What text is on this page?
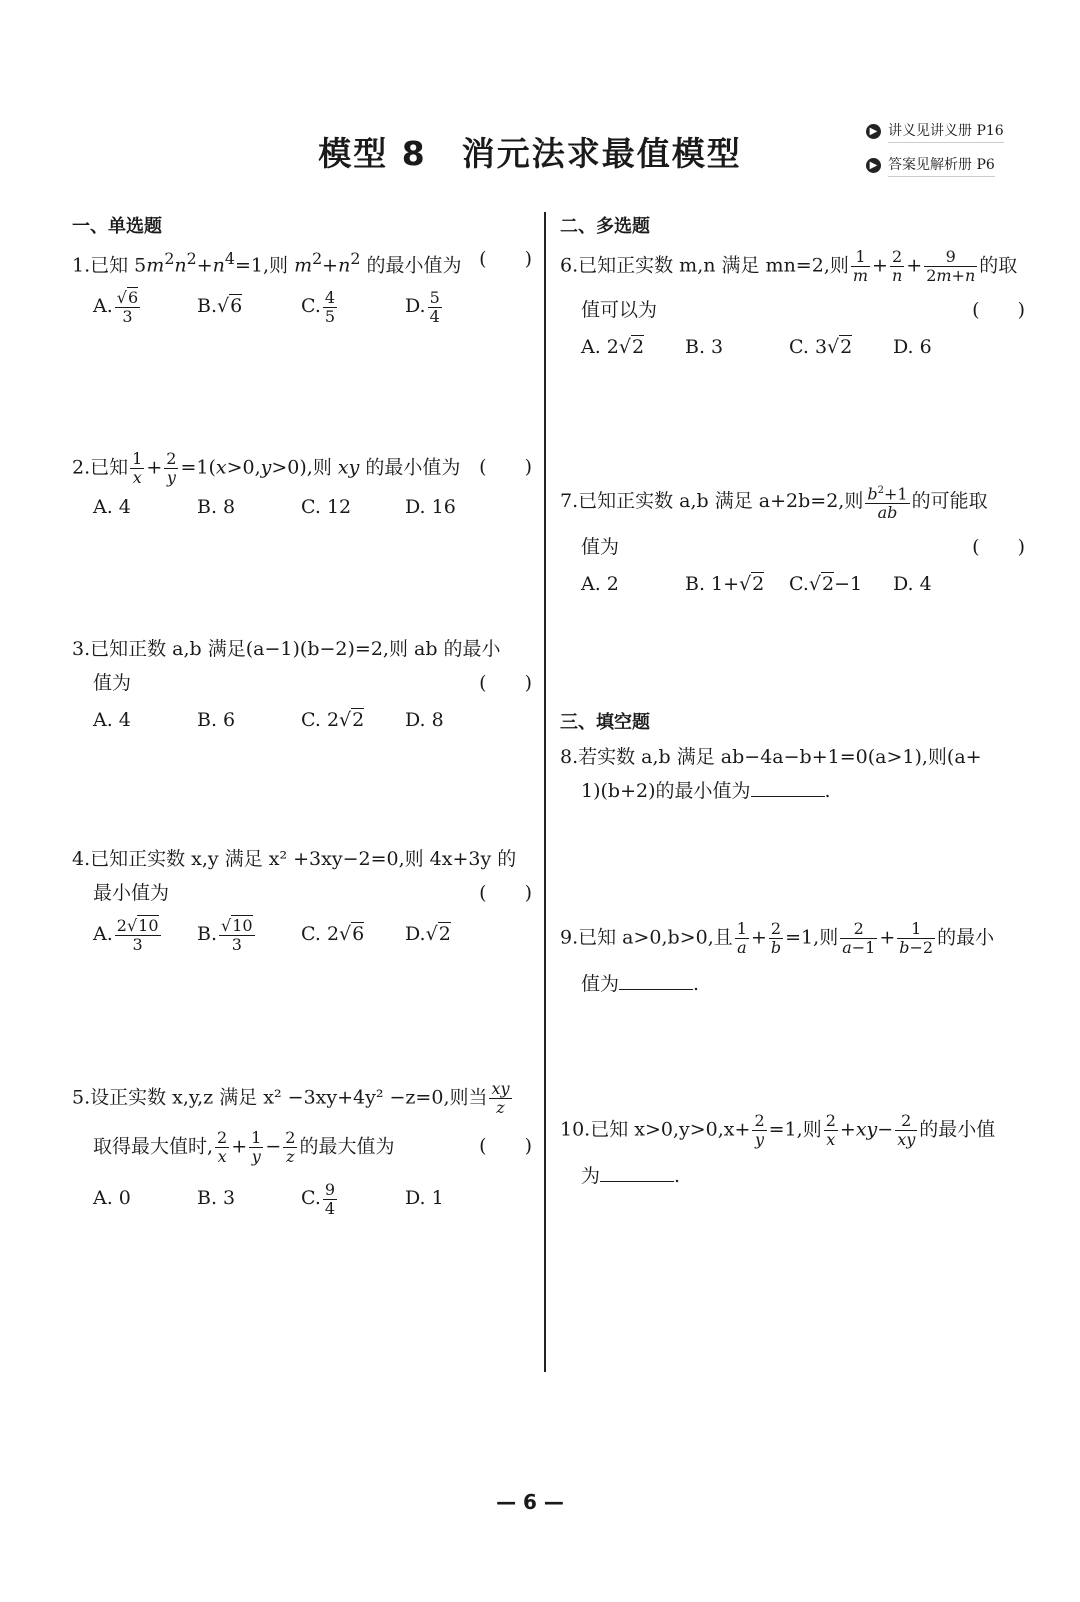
模型 8　消元法求最值模型
▶ 讲义见讲义册 P16
▶ 答案见解析册 P6
一、单选题
1.已知 $5m^2n^2+n^4=1$,则 $m^2+n^2$ 的最小值为 (　　)
A. $\frac{√6}{3}$	B.√6	C. $\frac{4}{5}$	D. $\frac{5}{4}$
2.已知 $\frac{1}{x} + \frac{2}{y} =1(x>0,y>0)$,则 xy 的最小值为 (　　)
A. 4	B. 8	C. 12	D. 16
3.已知正数 a,b 满足(a−1)(b−2)=2,则 ab 的最小
值为	(　　)
A. 4	B. 6	C. 2√2	D. 8
4.已知正实数 x,y 满足 x² +3xy−2=0,则 4x+3y 的
最小值为	(　　)
A. $\frac{2√10}{3} B$. $\frac{√10}{3} C$. 2√6	D.√2
5.设正实数 x,y,z 满足 x² −3xy+4y² −z=0,则当 $\frac{xy}{z}$
取得最大值时, $\frac{2}{x} + \frac{1}{y} - \frac{2}{z}$ 的最大值为	(　　)
A. 0	B. 3	C. $\frac{9}{4}$	D. 1
二、多选题
6.已知正实数 m,n 满足 mn=2,则 $\frac{1}{m} + \frac{2}{n} + \frac{9}{2m+n}$ 的取
值可以为	(　　)
A. 2√2	B. 3	C. 3√2	D. 6
7.已知正实数 a,b 满足 a+2b=2,则 $\frac{b^2+1}{ab}$ 的可能取
值为	(　　)
A. 2	B. 1+√2	C.√2−1	D. 4
三、填空题
8.若实数 a,b 满足 ab−4a−b+1=0(a>1),则(a+
1)(b+2)的最小值为	.
9.已知 a>0,b>0,且 $\frac{1}{a} + \frac{2}{b} =1$,则 $\frac{2}{a-1} + \frac{1}{b-2}$ 的最小
值为	.
10.已知 $x>0,y>0,x+ \frac{2}{y} =1$,则 $\frac{2}{x} +xy- \frac{2}{xy}$ 的最小值
为	.
— 6 —
